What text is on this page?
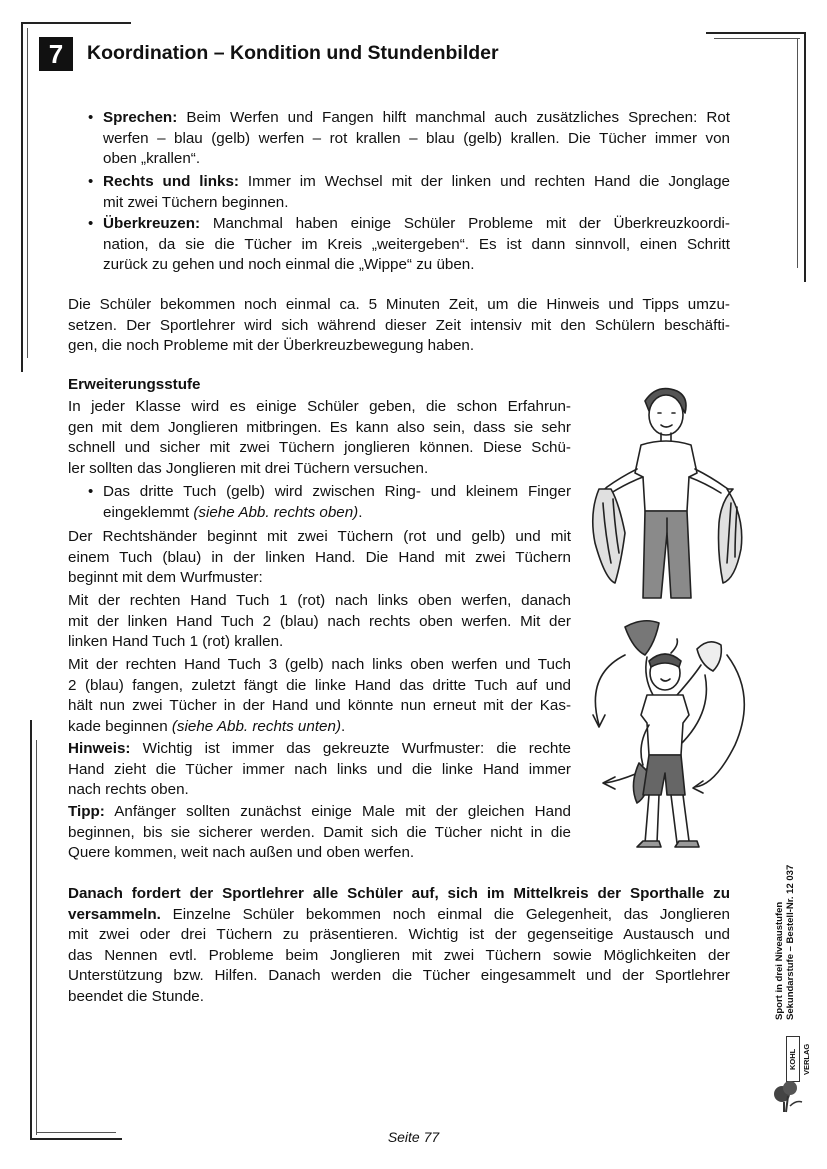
7	Koordination – Kondition und Stundenbilder
• Sprechen: Beim Werfen und Fangen hilft manchmal auch zusätzliches Sprechen: Rot
werfen – blau (gelb) werfen – rot krallen – blau (gelb) krallen. Die Tücher immer von
oben „krallen“.
• Rechts und links: Immer im Wechsel mit der linken und rechten Hand die Jonglage
mit zwei Tüchern beginnen.
• Überkreuzen: Manchmal haben einige Schüler Probleme mit der Überkreuzkoordi-
nation, da sie die Tücher im Kreis „weitergeben“. Es ist dann sinnvoll, einen Schritt
zurück zu gehen und noch einmal die „Wippe“ zu üben.
Die Schüler bekommen noch einmal ca. 5 Minuten Zeit, um die Hinweis und Tipps umzu-
setzen. Der Sportlehrer wird sich während dieser Zeit intensiv mit den Schülern beschäfti-
gen, die noch Probleme mit der Überkreuzbewegung haben.
Erweiterungsstufe
In jeder Klasse wird es einige Schüler geben, die schon Erfahrun-
gen mit dem Jonglieren mitbringen. Es kann also sein, dass sie sehr
schnell und sicher mit zwei Tüchern jonglieren können. Diese Schü-
ler sollten das Jonglieren mit drei Tüchern versuchen.
• Das dritte Tuch (gelb) wird zwischen Ring- und kleinem Finger
eingeklemmt (siehe Abb. rechts oben).
Der Rechtshänder beginnt mit zwei Tüchern (rot und gelb) und mit
einem Tuch (blau) in der linken Hand. Die Hand mit zwei Tüchern
beginnt mit dem Wurfmuster:
Mit der rechten Hand Tuch 1 (rot) nach links oben werfen, danach
mit der linken Hand Tuch 2 (blau) nach rechts oben werfen. Mit der
linken Hand Tuch 1 (rot) krallen.
Mit der rechten Hand Tuch 3 (gelb) nach links oben werfen und Tuch
2 (blau) fangen, zuletzt fängt die linke Hand das dritte Tuch auf und
hält nun zwei Tücher in der Hand und könnte nun erneut mit der Kas-
kade beginnen (siehe Abb. rechts unten).
Hinweis: Wichtig ist immer das gekreuzte Wurfmuster: die rechte
Hand zieht die Tücher immer nach links und die linke Hand immer
nach rechts oben.
Tipp: Anfänger sollten zunächst einige Male mit der gleichen Hand
beginnen, bis sie sicherer werden. Damit sich die Tücher nicht in die
Quere kommen, weit nach außen und oben werfen.
Danach fordert der Sportlehrer alle Schüler auf, sich im Mittelkreis der Sporthalle zu
versammeln. Einzelne Schüler bekommen noch einmal die Gelegenheit, das Jonglieren
mit zwei oder drei Tüchern zu präsentieren. Wichtig ist der gegenseitige Austausch und
das Nennen evtl. Probleme beim Jonglieren mit zwei Tüchern sowie Möglichkeiten der
Unterstützung bzw. Hilfen. Danach werden die Tücher eingesammelt und der Sportlehrer
beendet die Stunde.	Sport in drei Niveaustufen Sekundarstufe – Bestell-Nr. 12 037
KOHL VERLAG
Seite 77
